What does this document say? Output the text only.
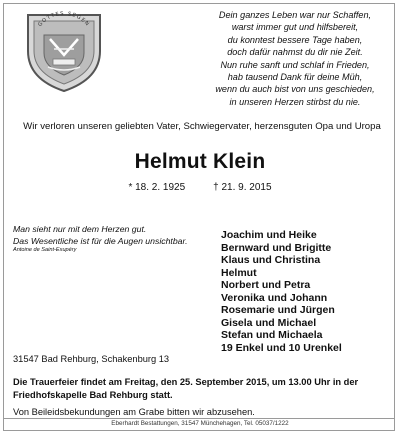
GOTTES SEGEN
Dein ganzes Leben war nur Schaffen,
warst immer gut und hilfsbereit,
du konntest bessere Tage haben,
doch dafür nahmst du dir nie Zeit.
Nun ruhe sanft und schlaf in Frieden,
hab tausend Dank für deine Müh,
wenn du auch bist von uns geschieden,
in unseren Herzen stirbst du nie.
Wir verloren unseren geliebten Vater, Schwiegervater, herzensguten Opa und Uropa
Helmut Klein
* 18. 2. 1925	† 21. 9. 2015
Man sieht nur mit dem Herzen gut.
Das Wesentliche ist für die Augen unsichtbar.
Antoine de Saint-Exupéry
Joachim und Heike
Bernward und Brigitte
Klaus und Christina
Helmut
Norbert und Petra
Veronika und Johann
Rosemarie und Jürgen
Gisela und Michael
Stefan und Michaela
19 Enkel und 10 Urenkel
31547 Bad Rehburg, Schakenburg 13
Die Trauerfeier findet am Freitag, den 25. September 2015, um 13.00 Uhr in der
Friedhofskapelle Bad Rehburg statt.
Von Beileidsbekundungen am Grabe bitten wir abzusehen.
Eberhardt Bestattungen, 31547 Münchehagen, Tel. 05037/1222
